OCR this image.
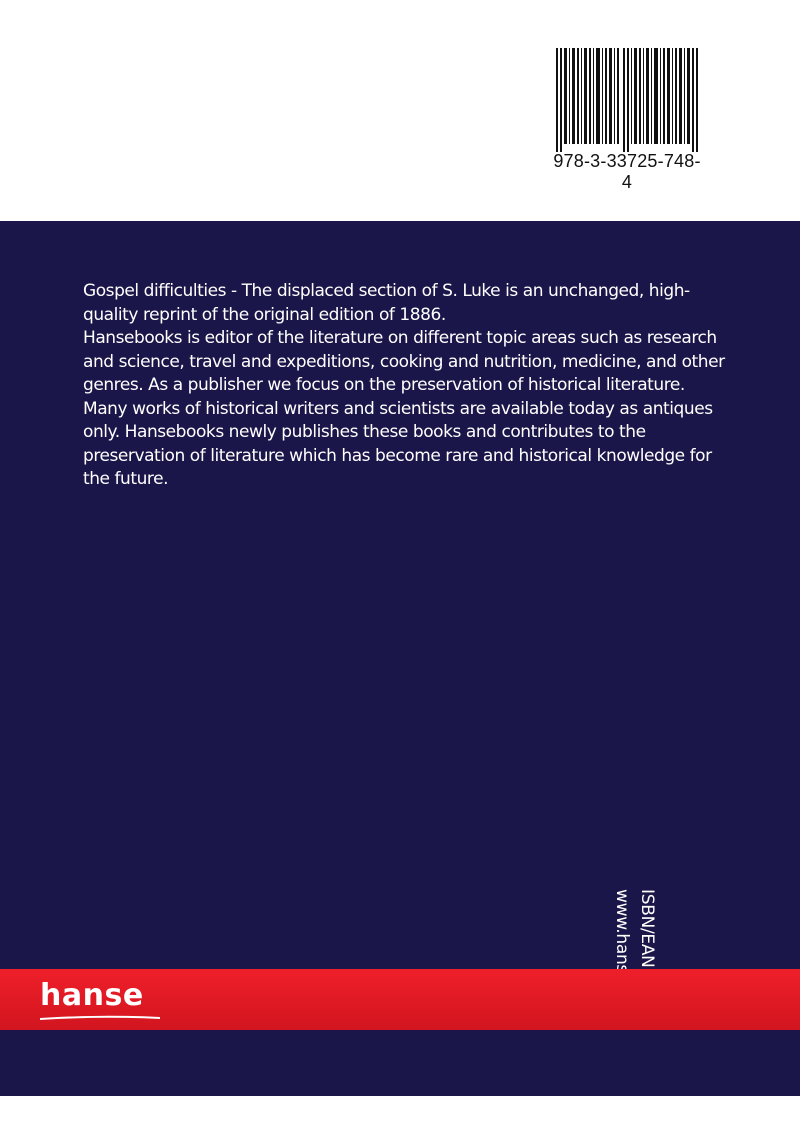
978-3-33725-748-4

Gospel difficulties - The displaced section of S. Luke is an unchanged, high-quality reprint of the original edition of 1886.

Hansebooks is editor of the literature on different topic areas such as research and science, travel and expeditions, cooking and nutrition, medicine, and other genres. As a publisher we focus on the preservation of historical literature. Many works of historical writers and scientists are available today as antiques only. Hansebooks newly publishes these books and contributes to the preservation of literature which has become rare and historical knowledge for the future.

hanse
